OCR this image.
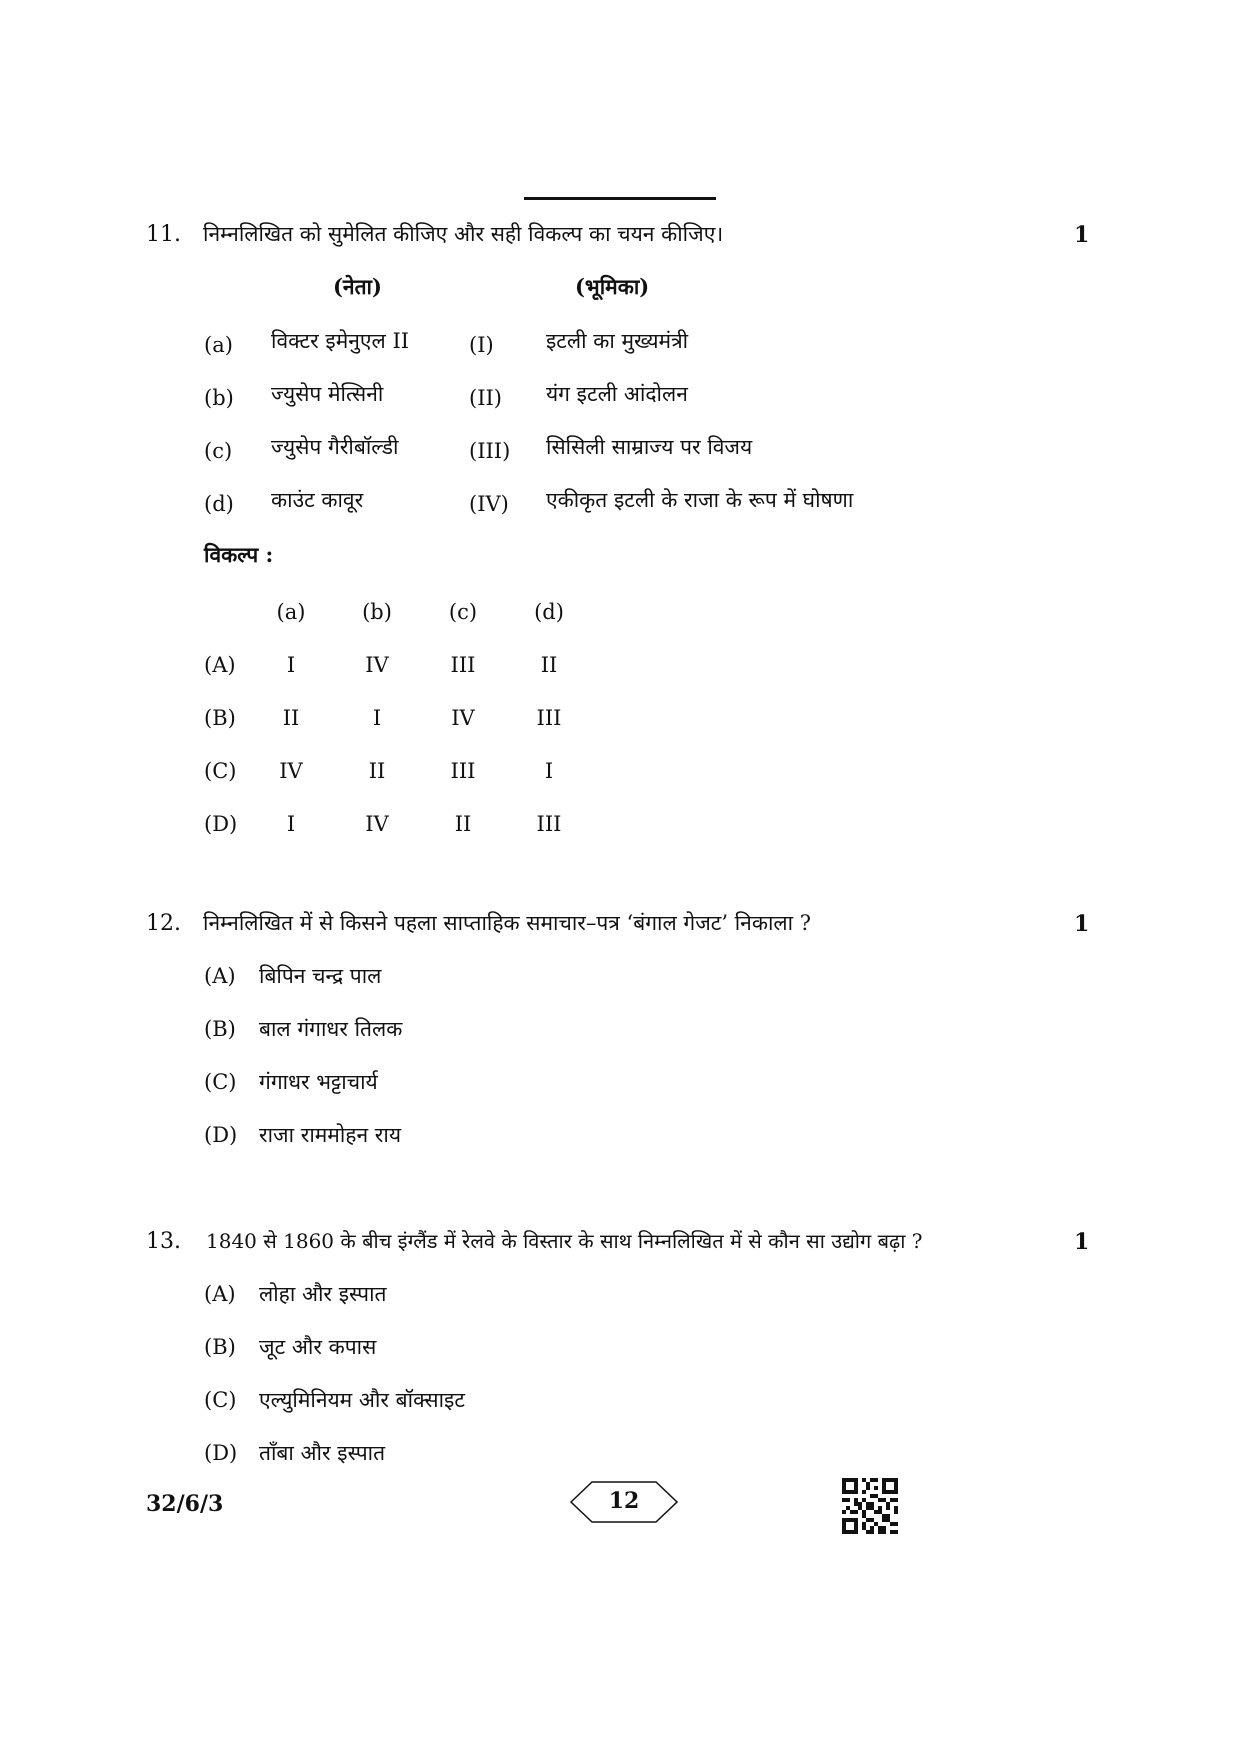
11. निम्नलिखित को सुमेलित कीजिए और सही विकल्प का चयन कीजिए।	1
(नेता)	(भूमिका)
(a) विक्टर इमेनुएल II	(I) इटली का मुख्यमंत्री
(b) ज्युसेप मेत्सिनी	(II) यंग इटली आंदोलन
(c) ज्युसेप गैरीबॉल्डी	(III) सिसिली साम्राज्य पर विजय
(d) काउंट कावूर	(IV) एकीकृत इटली के राजा के रूप में घोषणा
विकल्प :
(a)	(b)	(c)	(d)
(A)	I	IV	III	II
(B)	II	I	IV	III
(C)	IV	II	III	I
(D)	I	IV	II	III
12. निम्नलिखित में से किसने पहला साप्ताहिक समाचार–पत्र ‘बंगाल गेजट’ निकाला ?	1
(A) बिपिन चन्द्र पाल
(B) बाल गंगाधर तिलक
(C) गंगाधर भट्टाचार्य
(D) राजा राममोहन राय
13. 1840 से 1860 के बीच इंग्लैंड में रेलवे के विस्तार के साथ निम्नलिखित में से कौन सा उद्योग बढ़ा ?	1
(A) लोहा और इस्पात
(B) जूट और कपास
(C) एल्युमिनियम और बॉक्साइट
(D) ताँबा और इस्पात
32/6/3	12
